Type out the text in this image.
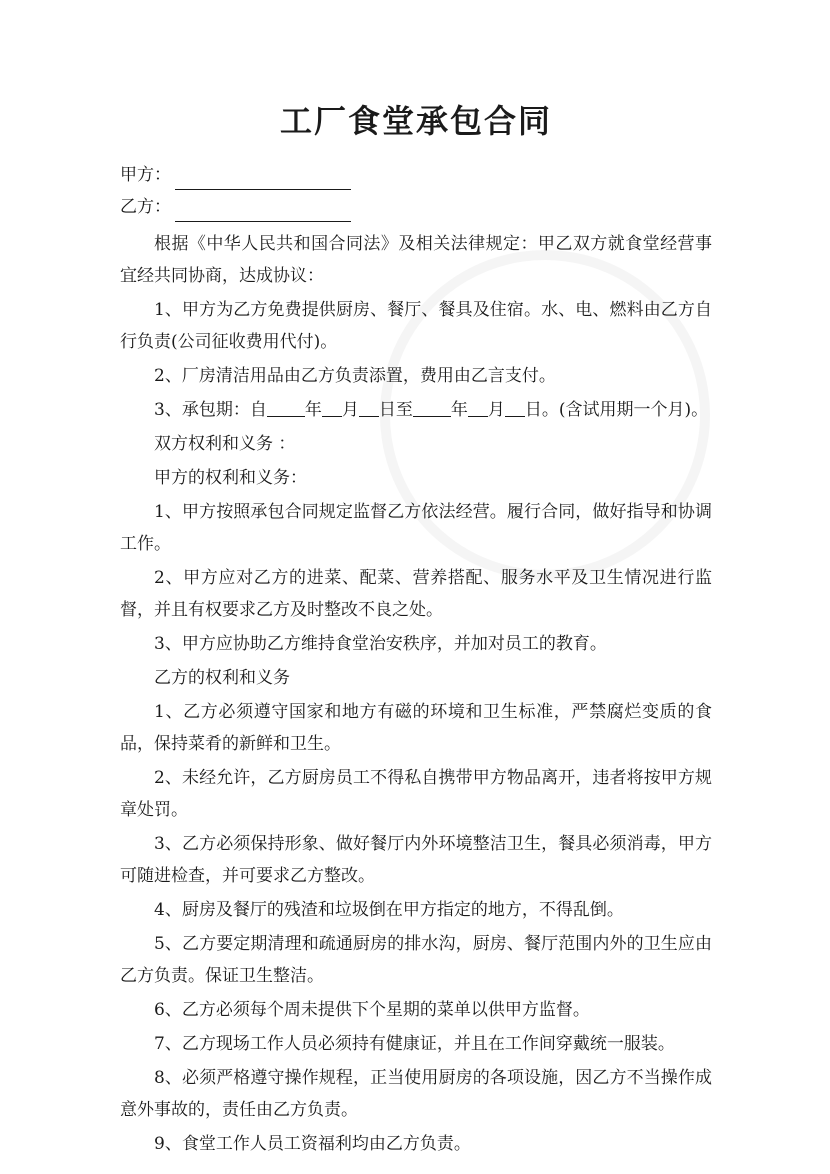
工厂食堂承包合同
甲方：
乙方：

根据《中华人民共和国合同法》及相关法律规定：甲乙双方就食堂经营事宜经共同协商，达成协议：

1、甲方为乙方免费提供厨房、餐厅、餐具及住宿。水、电、燃料由乙方自行负责(公司征收费用代付)。

2、厂房清洁用品由乙方负责添置，费用由乙言支付。

3、承包期：自 年 月 日至 年 月 日。(含试用期一个月)。

双方权利和义务 ：

甲方的权利和义务：

1、甲方按照承包合同规定监督乙方依法经营。履行合同，做好指导和协调工作。

2、甲方应对乙方的进菜、配菜、营养搭配、服务水平及卫生情况进行监督，并且有权要求乙方及时整改不良之处。

3、甲方应协助乙方维持食堂治安秩序，并加对员工的教育。

乙方的权利和义务

1、乙方必须遵守国家和地方有磁的环境和卫生标准，严禁腐烂变质的食品，保持菜肴的新鲜和卫生。

2、未经允许，乙方厨房员工不得私自携带甲方物品离开，违者将按甲方规章处罚。

3、乙方必须保持形象、做好餐厅内外环境整洁卫生，餐具必须消毒，甲方可随进检查，并可要求乙方整改。

4、厨房及餐厅的残渣和垃圾倒在甲方指定的地方，不得乱倒。

5、乙方要定期清理和疏通厨房的排水沟，厨房、餐厅范围内外的卫生应由乙方负责。保证卫生整洁。

6、乙方必须每个周未提供下个星期的菜单以供甲方监督。

7、乙方现场工作人员必须持有健康证，并且在工作间穿戴统一服装。

8、必须严格遵守操作规程，正当使用厨房的各项设施，因乙方不当操作成意外事故的，责任由乙方负责。

9、食堂工作人员工资福利均由乙方负责。
